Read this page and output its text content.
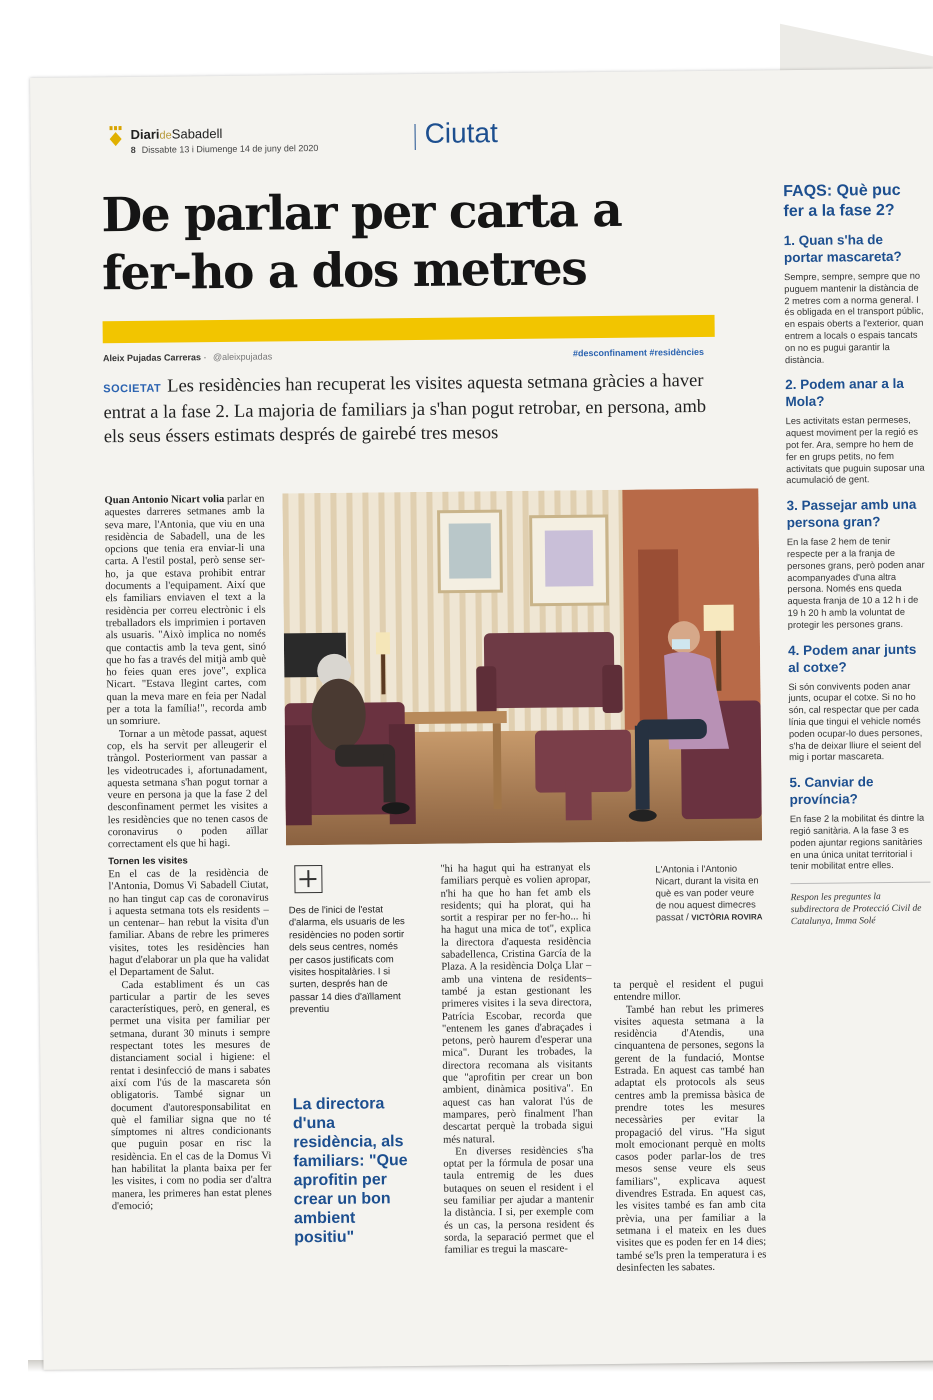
DiarideSabadell
8 Dissabte 13 i Diumenge 14 de juny del 2020
Ciutat
De parlar per carta a fer-ho a dos metres
Aleix Pujadas Carreras · @aleixpujadas	#desconfinament #residències
SOCIETAT Les residències han recuperat les visites aquesta setmana gràcies a haver entrat a la fase 2. La majoria de familiars ja s'han pogut retrobar, en persona, amb els seus éssers estimats després de gairebé tres mesos

Quan Antonio Nicart volia parlar en aquestes darreres setmanes amb la seva mare, l'Antonia, que viu en una residència de Sabadell, una de les opcions que tenia era enviar-li una carta. A l'estil postal, però sense ser-ho, ja que estava prohibit entrar documents a l'equipament. Així que els familiars enviaven el text a la residència per correu electrònic i els treballadors els imprimien i portaven als usuaris. "Això implica no només que contactis amb la teva gent, sinó que ho fas a través del mitjà amb què ho feies quan eres jove", explica Nicart. "Estava llegint cartes, com quan la meva mare en feia per Nadal per a tota la família!", recorda amb un somriure.

Tornar a un mètode passat, aquest cop, els ha servit per alleugerir el tràngol. Posteriorment van passar a les videotrucades i, afortunadament, aquesta setmana s'han pogut tornar a veure en persona ja que la fase 2 del desconfinament permet les visites a les residències que no tenen casos de coronavirus o poden aïllar correctament els que hi hagi.

Tornen les visites

En el cas de la residència de l'Antonia, Domus Vi Sabadell Ciutat, no han tingut cap cas de coronavirus i aquesta setmana tots els residents –un centenar– han rebut la visita d'un familiar. Abans de rebre les primeres visites, totes les residències han hagut d'elaborar un pla que ha validat el Departament de Salut.

Cada establiment és un cas particular a partir de les seves característiques, però, en general, es permet una visita per familiar per setmana, durant 30 minuts i sempre respectant totes les mesures de distanciament social i higiene: el rentat i desinfecció de mans i sabates així com l'ús de la mascareta són obligatoris. També signar un document d'autoresponsabilitat en què el familiar signa que no té símptomes ni altres condicionants que puguin posar en risc la residència. En el cas de la Domus Vi han habilitat la planta baixa per fer les visites, i com no podia ser d'altra manera, les primeres han estat plenes d'emoció;

L'Antonia i l'Antonio Nicart, durant la visita en què es van poder veure de nou aquest dimecres passat / VICTÒRIA ROVIRA
Des de l'inici de l'estat d'alarma, els usuaris de les residències no poden sortir dels seus centres, només per casos justificats com visites hospitalàries. I si surten, després han de passar 14 dies d'aïllament preventiu
La directora d'una residència, als familiars: "Que aprofitin per crear un bon ambient positiu"

"hi ha hagut qui ha estranyat els familiars perquè es volien apropar, n'hi ha que ho han fet amb els residents; qui ha plorat, qui ha sortit a respirar per no fer-ho... hi ha hagut una mica de tot", explica la directora d'aquesta residència sabadellenca, Cristina García de la Plaza. A la residència Dolça Llar –amb una vintena de residents– també ja estan gestionant les primeres visites i la seva directora, Patrícia Escobar, recorda que "entenem les ganes d'abraçades i petons, però haurem d'esperar una mica". Durant les trobades, la directora recomana als visitants que "aprofitin per crear un bon ambient, dinàmica positiva". En aquest cas han valorat l'ús de mampares, però finalment l'han descartat perquè la trobada sigui més natural.

En diverses residències s'ha optat per la fórmula de posar una taula entremig de les dues butaques on seuen el resident i el seu familiar per ajudar a mantenir la distància. I si, per exemple com és un cas, la persona resident és sorda, la separació permet que el familiar es tregui la mascare-

ta perquè el resident el pugui entendre millor.

També han rebut les primeres visites aquesta setmana a la residència d'Atendis, una cinquantena de persones, segons la gerent de la fundació, Montse Estrada. En aquest cas també han adaptat els protocols als seus centres amb la premissa bàsica de prendre totes les mesures necessàries per evitar la propagació del virus. "Ha sigut molt emocionant perquè en molts casos poder parlar-los de tres mesos sense veure els seus familiars", explicava aquest divendres Estrada. En aquest cas, les visites també es fan amb cita prèvia, una per familiar a la setmana i el mateix en les dues visites que es poden fer en 14 dies; també se'ls pren la temperatura i es desinfecten les sabates.

FAQS: Què puc fer a la fase 2?
1. Quan s'ha de portar mascareta?

Sempre, sempre, sempre que no puguem mantenir la distància de 2 metres com a norma general. I és obligada en el transport públic, en espais oberts a l'exterior, quan entrem a locals o espais tancats on no es pugui garantir la distància.

2. Podem anar a la Mola?

Les activitats estan permeses, aquest moviment per la regió es pot fer. Ara, sempre ho hem de fer en grups petits, no fem activitats que puguin suposar una acumulació de gent.

3. Passejar amb una persona gran?

En la fase 2 hem de tenir respecte per a la franja de persones grans, però poden anar acompanyades d'una altra persona. Només ens queda aquesta franja de 10 a 12 h i de 19 h 20 h amb la voluntat de protegir les persones grans.

4. Podem anar junts al cotxe?

Si són convivents poden anar junts, ocupar el cotxe. Si no ho són, cal respectar que per cada línia que tingui el vehicle només poden ocupar-lo dues persones, s'ha de deixar lliure el seient del mig i portar mascareta.

5. Canviar de província?

En fase 2 la mobilitat és dintre la regió sanitària. A la fase 3 es poden ajuntar regions sanitàries en una única unitat territorial i tenir mobilitat entre elles.

Respon les preguntes la subdirectora de Protecció Civil de Catalunya, Imma Solé
